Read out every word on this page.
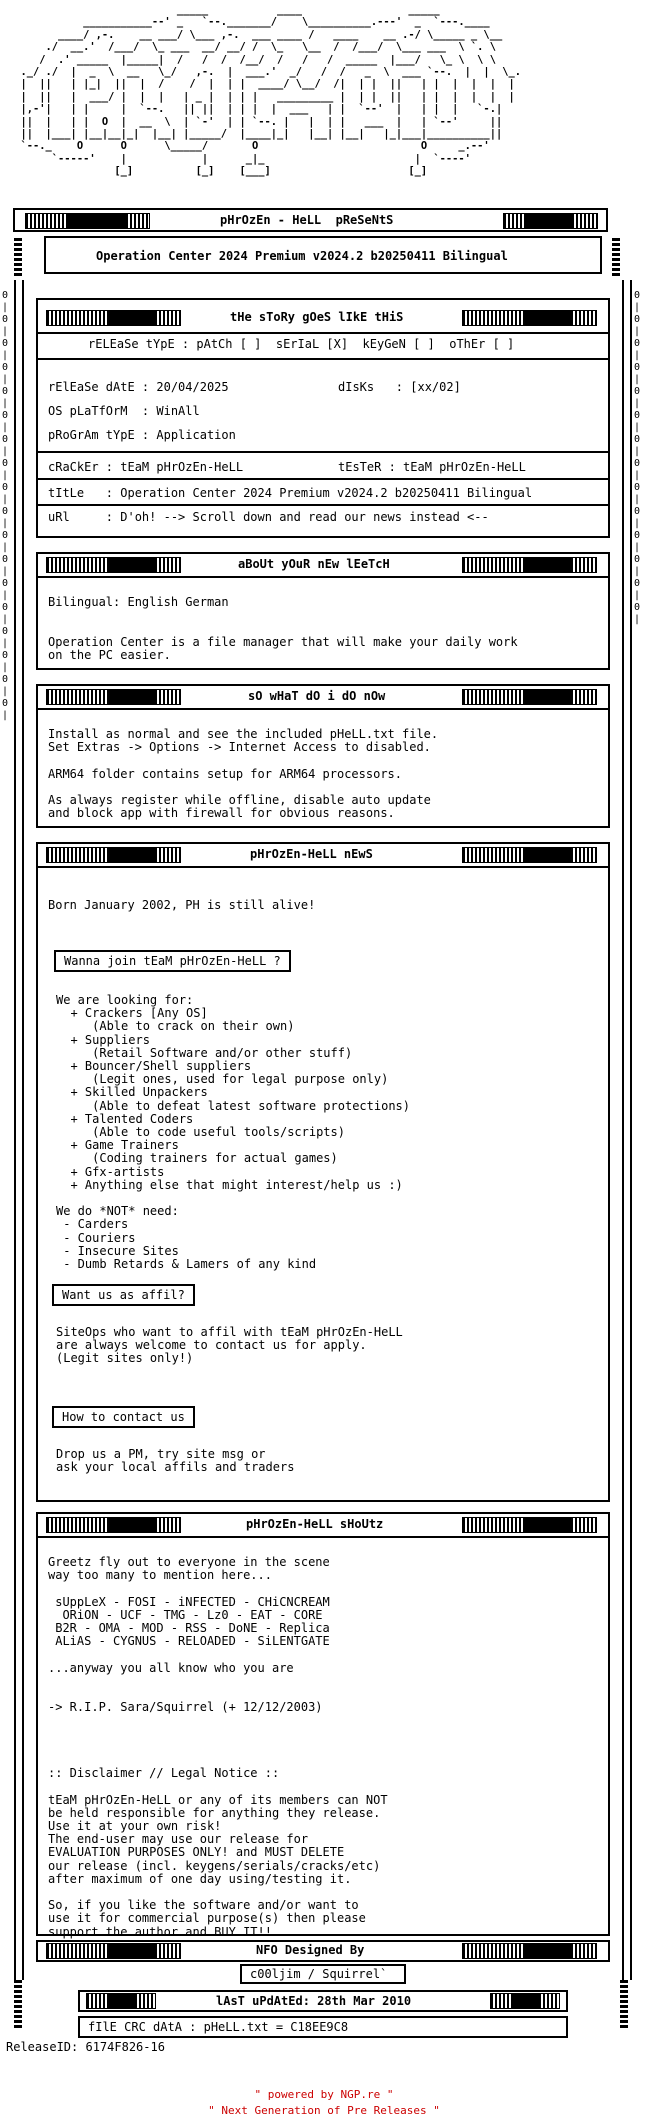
_____           ____                 _____
___________--' _   `--._______/    \__________.---'  _  `---.____
____/ ,-.    __ ___/ \___ ,-.  ___ ____ /   ____    __ .-/ \_____ _ \__
./  __.'  /___/  \_ ___  __/ __/ /  \_   \__  /  /___/  \___ ___  \ `. \
/  .' _____  |_____|  /   /  /  /__/  /   /   /  _____  |___/   \_ \  \ \
._/ ./  |  _  \  __   \_/   ,-.  |  ___.'  _/   /  /   _  \  ___ `--.  |  |  \_.
|  ||   | |_|  ||  |  /    /  |  | |  ____/ \__/  /|  | |  ||   | |  |  |  |  |
|  ||   |  ___/ |  |  |   | _ |  | | |   _________ |  | |  ||   | |  |  |  |  |
|,-'|   | |     |  `--.   || ||  | | |  |  ___   | |  `--'  |   | |  |   `-.|
||  |   | |  O  |  __  \  | `-'  | | `--. |   |  | |   ___  |   | `--'     ||
||  |___| |__|__|_|  |__| |_____/  |____|_|   |__| |__|   |_|___|__________||
`--._    O      O      \_____/       O                          O     _.--'
`-----'    |            |      _|_                        |  `----'
[_]          [_]    [___]                      [_]
pHrOzEn - HeLL  pReSeNtS
Operation Center 2024 Premium v2024.2 b20250411 Bilingual
0 | 0 | 0 | 0 | 0 | 0 | 0 | 0 | 0 | 0 | 0 | 0 | 0 | 0 | 0 | 0 | 0 | 0 |
0 | 0 | 0 | 0 | 0 | 0 | 0 | 0 | 0 | 0 | 0 | 0 | 0 | 0 |
tHe sToRy gOeS lIkE tHiS
rELEaSe tYpE : pAtCh [ ]  sErIaL [X]  kEyGeN [ ]  oThEr [ ]
rElEaSe dAtE : 20/04/2025	dIsKs   : [xx/02]
OS pLaTfOrM  : WinAll
pRoGrAm tYpE : Application
cRaCkEr : tEaM pHrOzEn-HeLL	tEsTeR : tEaM pHrOzEn-HeLL
tItLe   : Operation Center 2024 Premium v2024.2 b20250411 Bilingual
uRl     : D'oh! --> Scroll down and read our news instead <--
aBoUt yOuR nEw lEeTcH
Bilingual: English German

Operation Center is a file manager that will make your daily work
on the PC easier.
sO wHaT dO i dO nOw
Install as normal and see the included pHeLL.txt file.
Set Extras -> Options -> Internet Access to disabled.

ARM64 folder contains setup for ARM64 processors.

As always register while offline, disable auto update
and block app with firewall for obvious reasons.
pHrOzEn-HeLL nEwS
Born January 2002, PH is still alive!
Wanna join tEaM pHrOzEn-HeLL ?
We are looking for:
+ Crackers [Any OS]
(Able to crack on their own)
+ Suppliers
(Retail Software and/or other stuff)
+ Bouncer/Shell suppliers
(Legit ones, used for legal purpose only)
+ Skilled Unpackers
(Able to defeat latest software protections)
+ Talented Coders
(Able to code useful tools/scripts)
+ Game Trainers
(Coding trainers for actual games)
+ Gfx-artists
+ Anything else that might interest/help us :)

We do *NOT* need:
- Carders
- Couriers
- Insecure Sites
- Dumb Retards & Lamers of any kind
Want us as affil?
SiteOps who want to affil with tEaM pHrOzEn-HeLL
are always welcome to contact us for apply.
(Legit sites only!)
How to contact us
Drop us a PM, try site msg or
ask your local affils and traders
pHrOzEn-HeLL sHoUtz
Greetz fly out to everyone in the scene
way too many to mention here...

sUppLeX - FOSI - iNFECTED - CHiCNCREAM
ORiON - UCF - TMG - Lz0 - EAT - CORE
B2R - OMA - MOD - RSS - DoNE - Replica
ALiAS - CYGNUS - RELOADED - SiLENTGATE

...anyway you all know who you are

-> R.I.P. Sara/Squirrel (+ 12/12/2003)

:: Disclaimer // Legal Notice ::

tEaM pHrOzEn-HeLL or any of its members can NOT
be held responsible for anything they release.
Use it at your own risk!
The end-user may use our release for
EVALUATION PURPOSES ONLY! and MUST DELETE
our release (incl. keygens/serials/cracks/etc)
after maximum of one day using/testing it.

So, if you like the software and/or want to
use it for commercial purpose(s) then please
support the author and BUY IT!!
NFO Designed By
c00ljim / Squirrel`
lAsT uPdAtEd: 28th Mar 2010
fIlE CRC dAtA : pHeLL.txt = C18EE9C8
ReleaseID: 6174F826-16
" powered by NGP.re "
" Next Generation of Pre Releases "
